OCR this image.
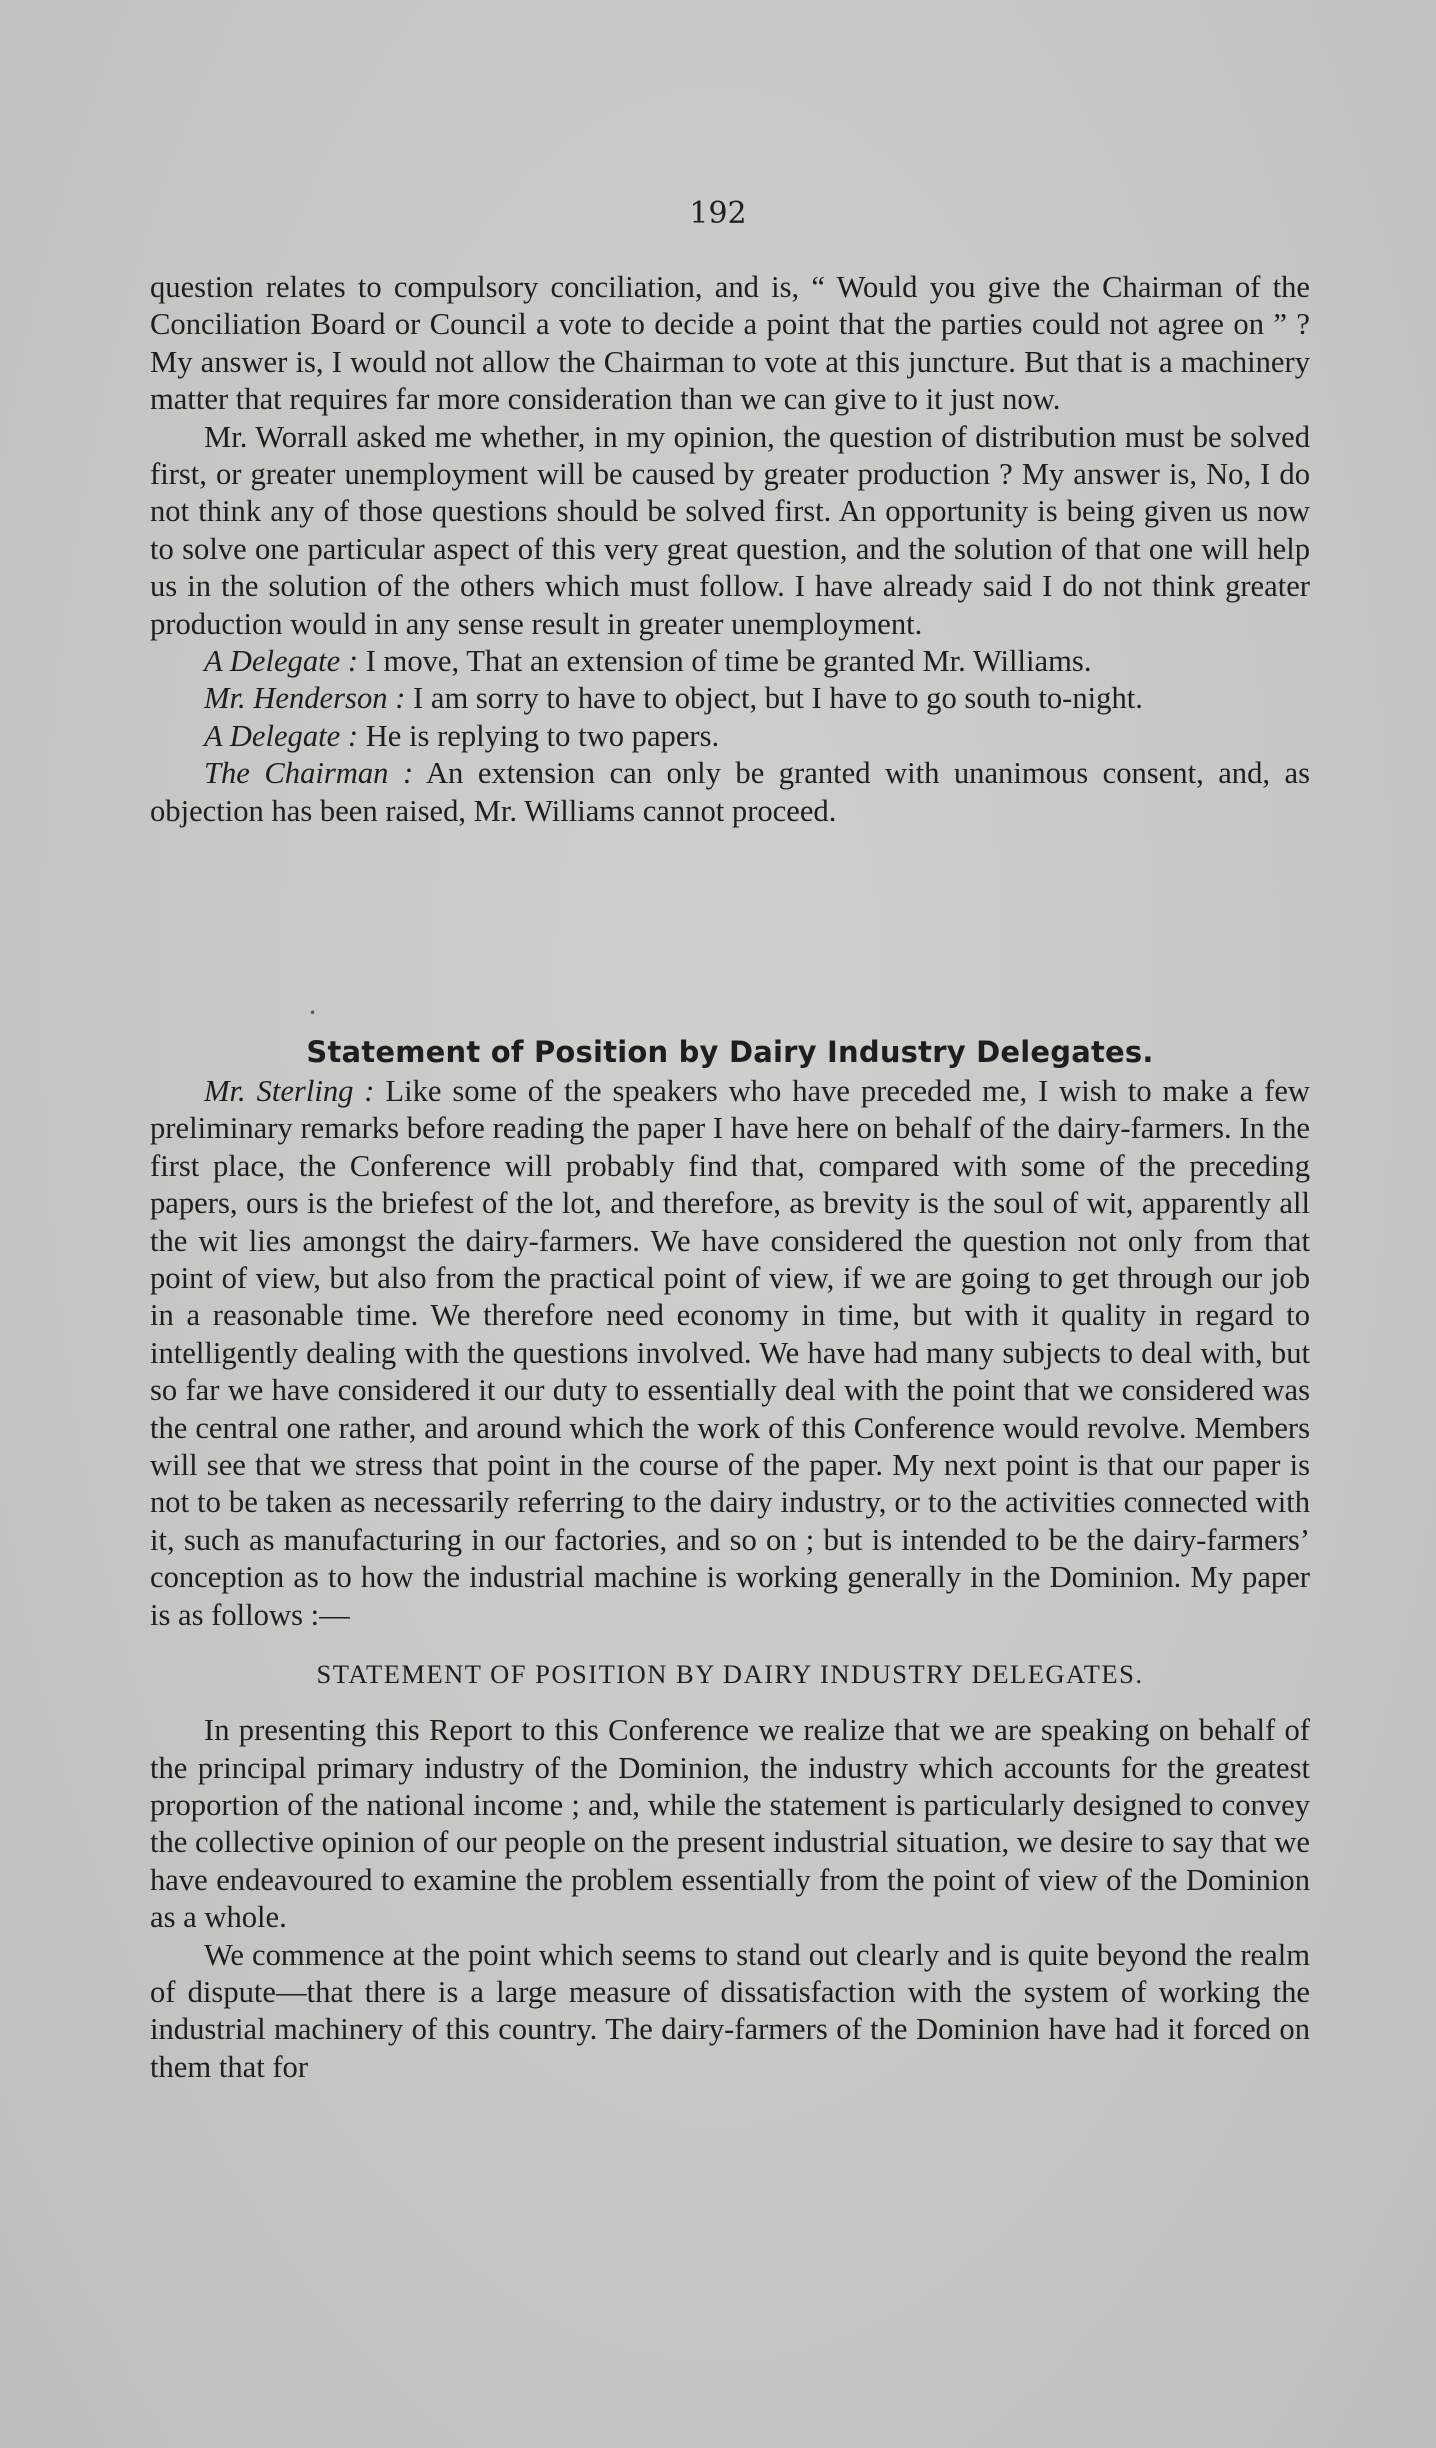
192

question relates to compulsory conciliation, and is, “ Would you give the Chairman of the Conciliation Board or Council a vote to decide a point that the parties could not agree on ” ? My answer is, I would not allow the Chairman to vote at this juncture. But that is a machinery matter that requires far more consideration than we can give to it just now.

Mr. Worrall asked me whether, in my opinion, the question of distribution must be solved first, or greater unemployment will be caused by greater production ? My answer is, No, I do not think any of those questions should be solved first. An opportunity is being given us now to solve one particular aspect of this very great question, and the solution of that one will help us in the solution of the others which must follow. I have already said I do not think greater production would in any sense result in greater unemployment.

A Delegate : I move, That an extension of time be granted Mr. Williams.

Mr. Henderson : I am sorry to have to object, but I have to go south to-night.

A Delegate : He is replying to two papers.

The Chairman : An extension can only be granted with unanimous consent, and, as objection has been raised, Mr. Williams cannot proceed.

•
Statement of Position by Dairy Industry Delegates.

Mr. Sterling : Like some of the speakers who have preceded me, I wish to make a few preliminary remarks before reading the paper I have here on behalf of the dairy-farmers. In the first place, the Conference will probably find that, compared with some of the preceding papers, ours is the briefest of the lot, and therefore, as brevity is the soul of wit, apparently all the wit lies amongst the dairy-farmers. We have considered the question not only from that point of view, but also from the practical point of view, if we are going to get through our job in a reasonable time. We therefore need economy in time, but with it quality in regard to intelligently dealing with the questions involved. We have had many subjects to deal with, but so far we have considered it our duty to essentially deal with the point that we considered was the central one rather, and around which the work of this Conference would revolve. Members will see that we stress that point in the course of the paper. My next point is that our paper is not to be taken as necessarily referring to the dairy industry, or to the activities connected with it, such as manufacturing in our factories, and so on ; but is intended to be the dairy-farmers’ conception as to how the industrial machine is working generally in the Dominion. My paper is as follows :—

STATEMENT OF POSITION BY DAIRY INDUSTRY DELEGATES.

In presenting this Report to this Conference we realize that we are speaking on behalf of the principal primary industry of the Dominion, the industry which accounts for the greatest proportion of the national income ; and, while the statement is particularly designed to convey the collective opinion of our people on the present industrial situation, we desire to say that we have endeavoured to examine the problem essentially from the point of view of the Dominion as a whole.

We commence at the point which seems to stand out clearly and is quite beyond the realm of dispute—that there is a large measure of dissatisfaction with the system of working the industrial machinery of this country. The dairy-farmers of the Dominion have had it forced on them that for
